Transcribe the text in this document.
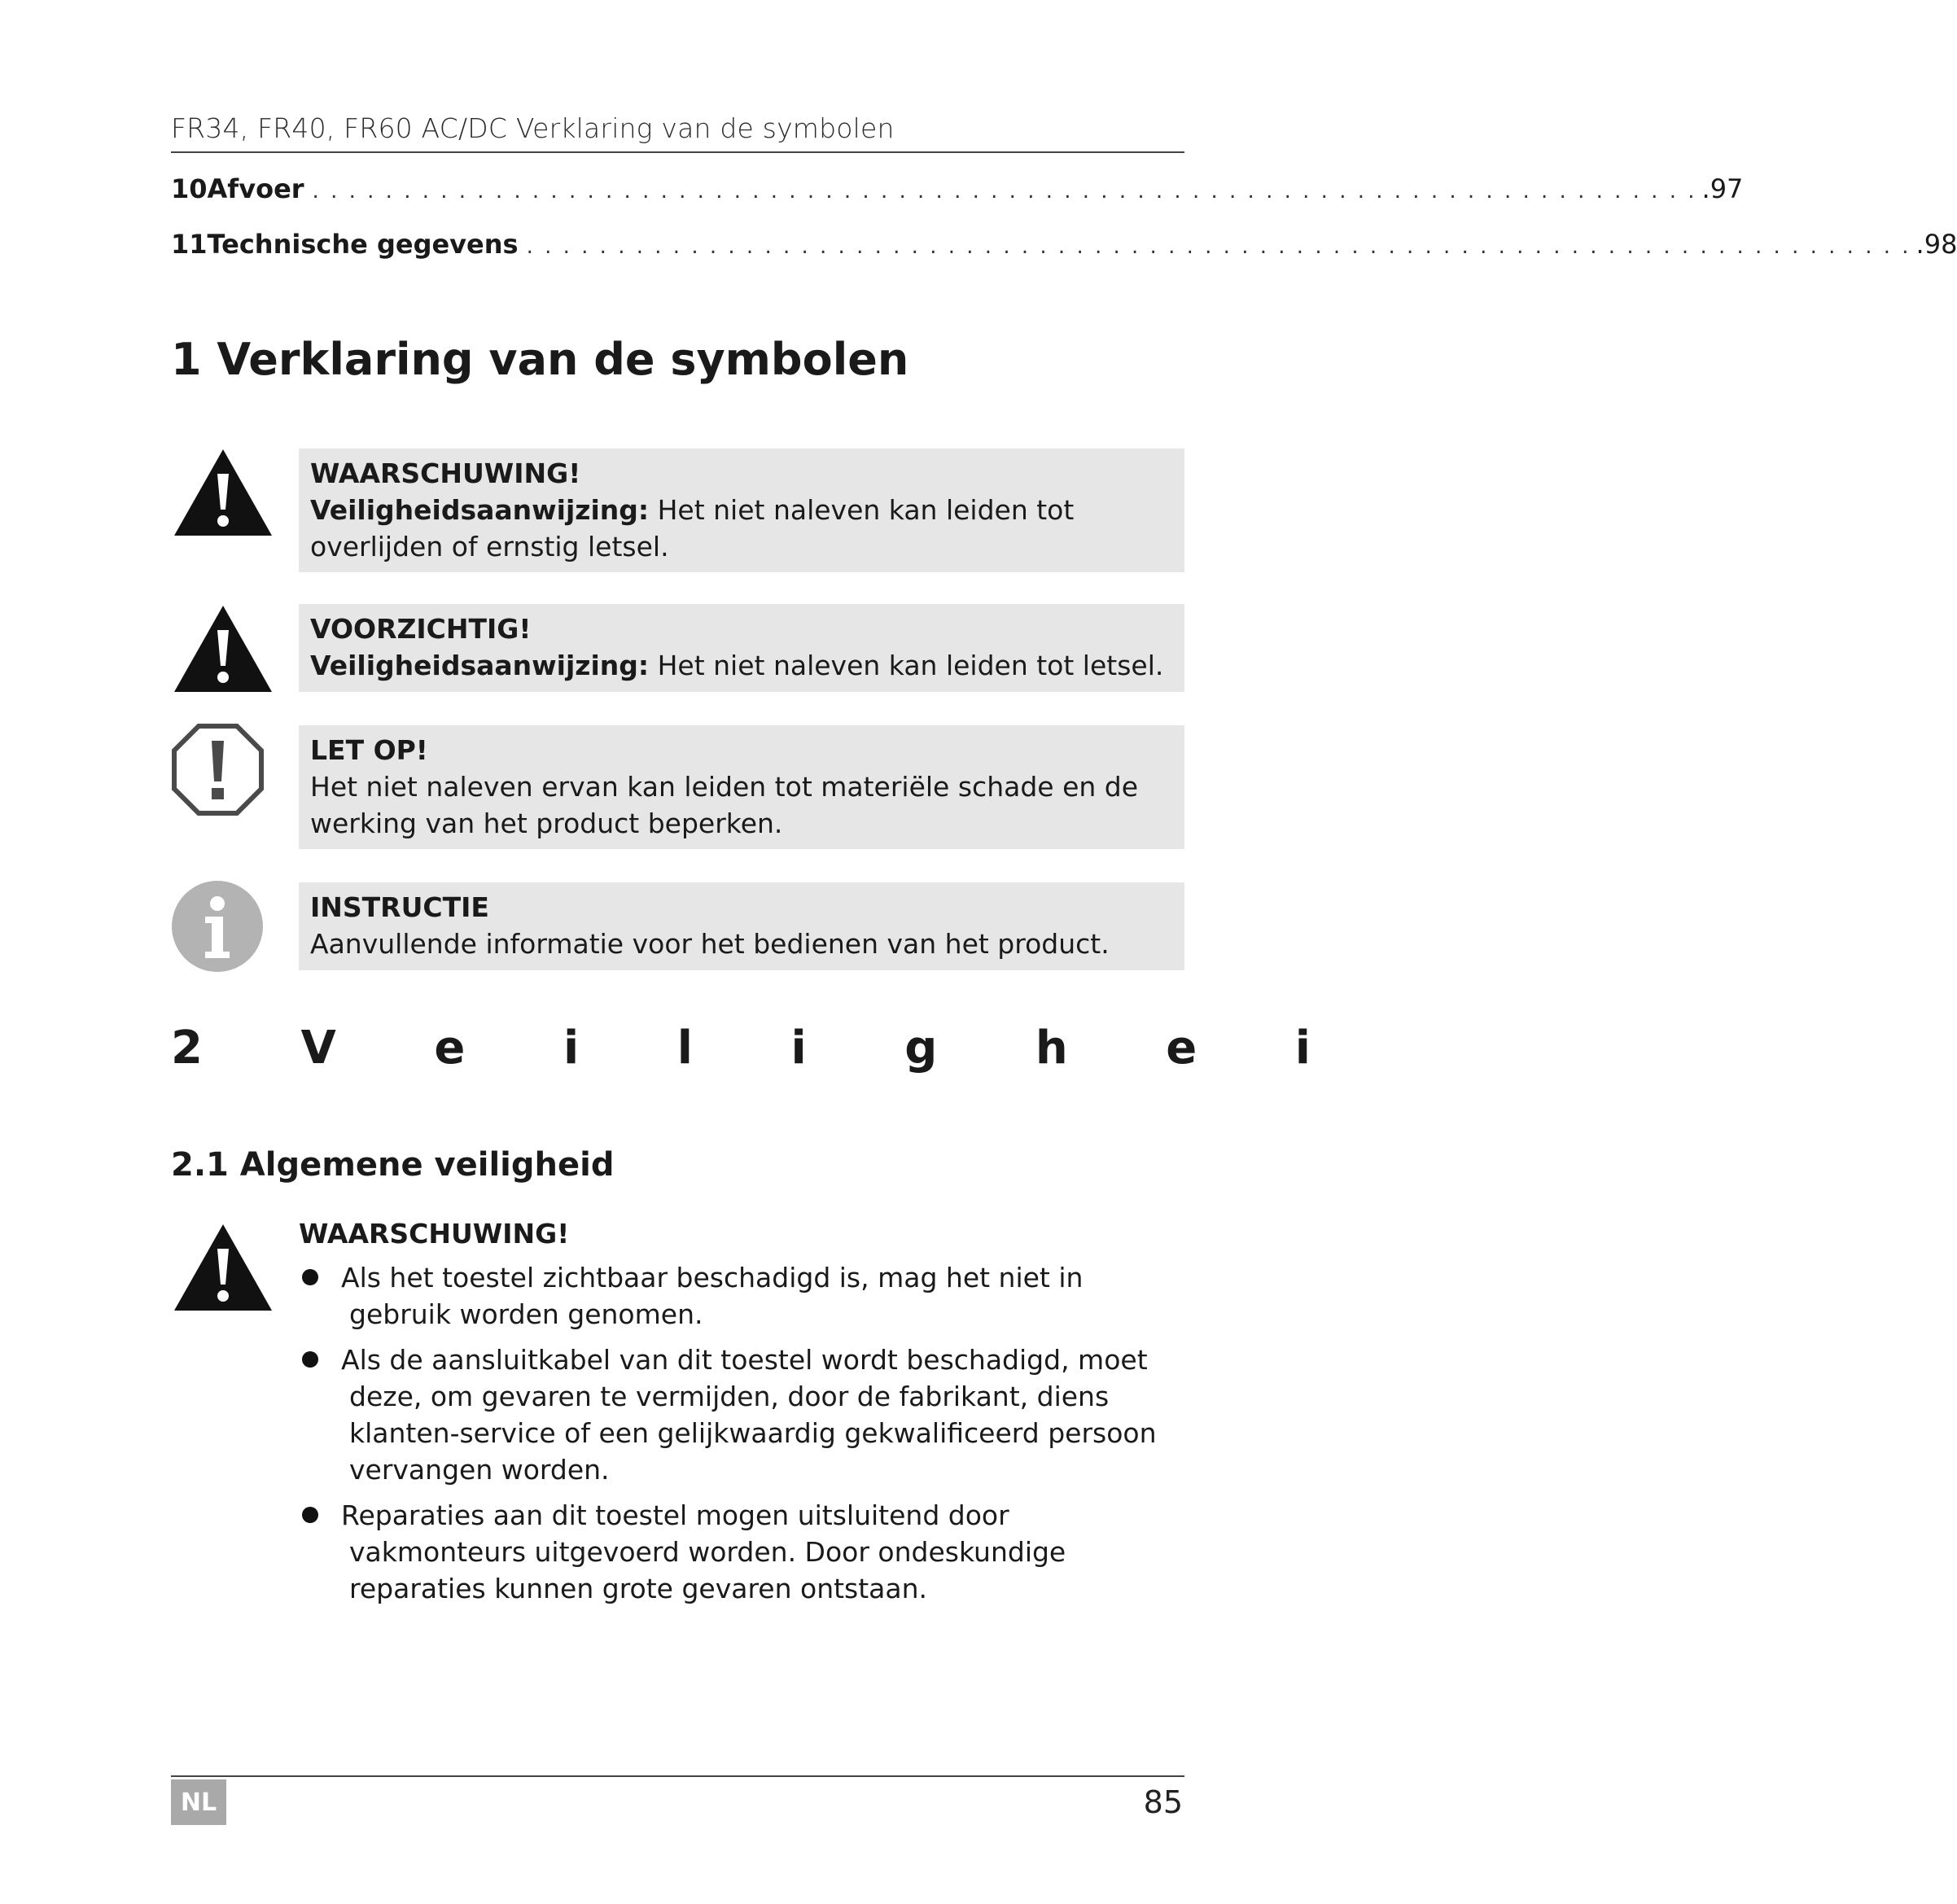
FR34, FR40, FR60 AC/DC Verklaring van de symbolen
10 Afvoer . . . . . . . . . . . . . . . . . . . . . . . . . . . . . . . . . . . . . . . . . . . . . . . . . . . . . . . . . . . . . . . . . . . . . . . . . . . . .97
11 Technische gegevens . . . . . . . . . . . . . . . . . . . . . . . . . . . . . . . . . . . . . . . . . . . . . . . . . . . . . . . . . . . . . . . . . . . . . . . . . . . . .98
1 Verklaring van de symbolen
WAARSCHUWING!
Veiligheidsaanwijzing: Het niet naleven kan leiden tot overlijden of ernstig letsel.
VOORZICHTIG!
Veiligheidsaanwijzing: Het niet naleven kan leiden tot letsel.
LET OP!
Het niet naleven ervan kan leiden tot materiële schade en de werking van het product beperken.
INSTRUCTIE
Aanvullende informatie voor het bedienen van het product.
2 V e i l i g h e i
2.1 Algemene veiligheid
WAARSCHUWING!
Als het toestel zichtbaar beschadigd is, mag het niet in gebruik worden genomen.
Als de aansluitkabel van dit toestel wordt beschadigd, moet deze, om gevaren te vermijden, door de fabrikant, diens klanten-service of een gelijkwaardig gekwalificeerd persoon vervangen worden.
Reparaties aan dit toestel mogen uitsluitend door vakmonteurs uitgevoerd worden. Door ondeskundige reparaties kunnen grote gevaren ontstaan.
NL	85
